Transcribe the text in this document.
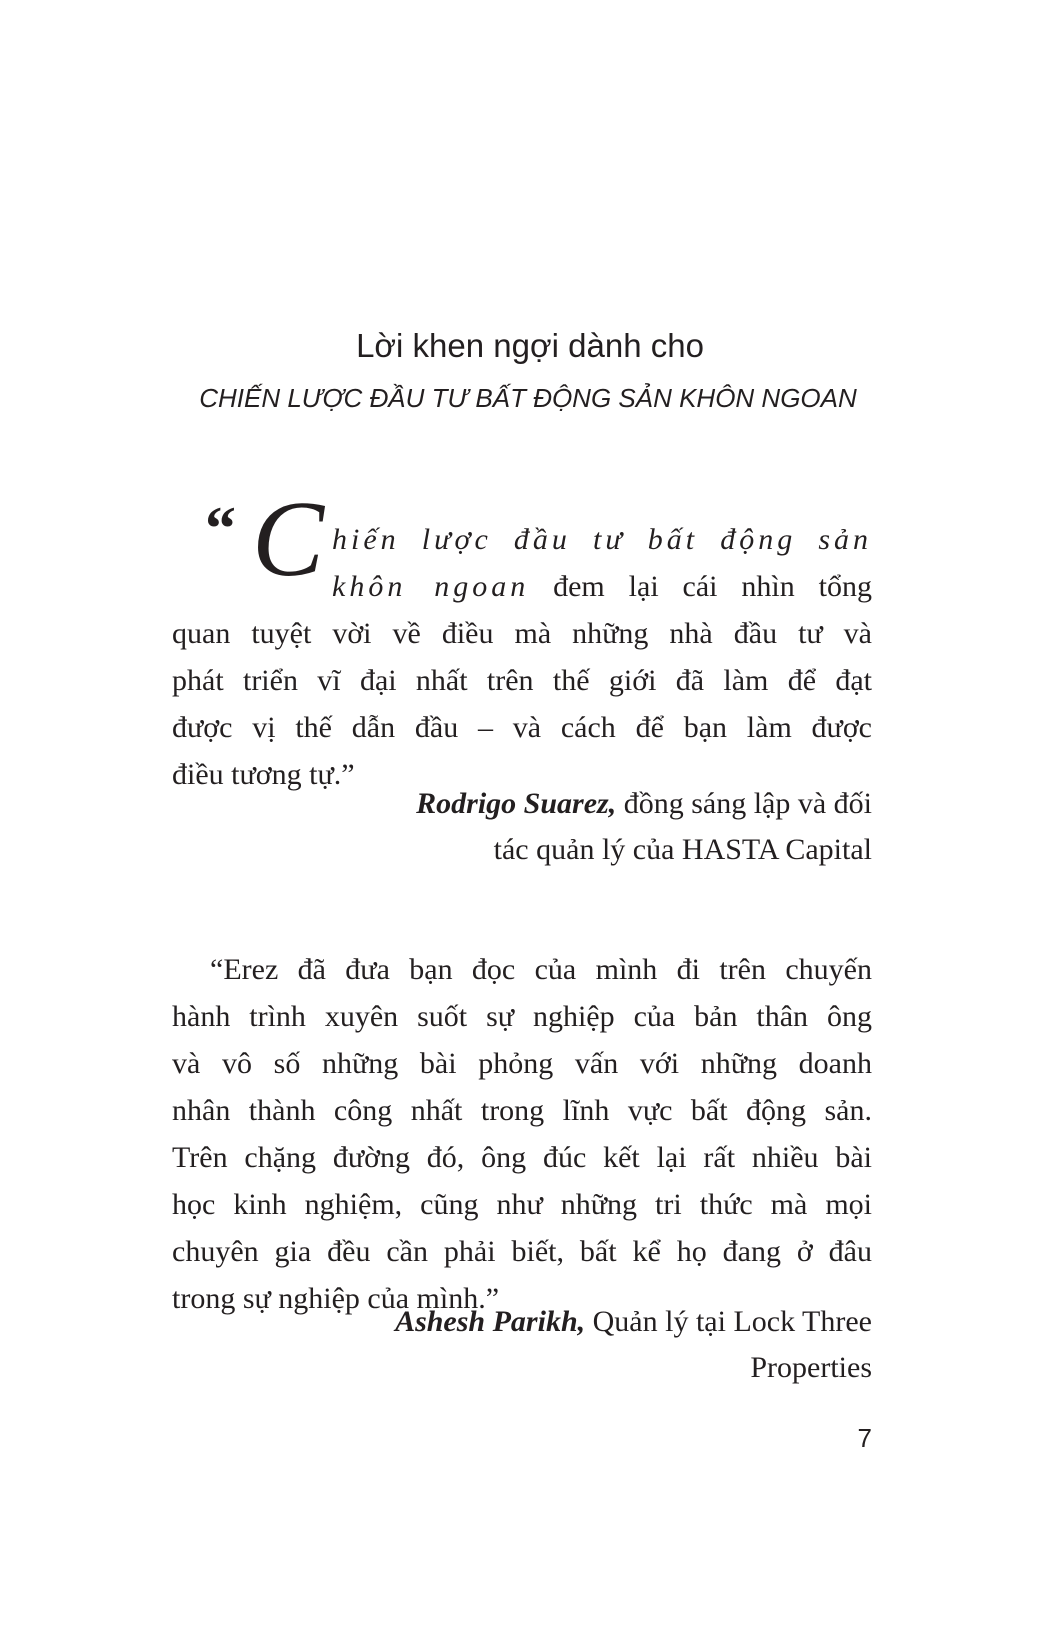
Lời khen ngợi dành cho
CHIẾN LƯỢC ĐẦU TƯ BẤT ĐỘNG SẢN KHÔN NGOAN
“ C hiến lược đầu tư bất động sản
khôn ngoan đem lại cái nhìn tổng
quan tuyệt vời về điều mà những nhà đầu tư và
phát triển vĩ đại nhất trên thế giới đã làm để đạt
được vị thế dẫn đầu – và cách để bạn làm được
điều tương tự.”
Rodrigo Suarez, đồng sáng lập và đối
tác quản lý của HASTA Capital
“Erez đã đưa bạn đọc của mình đi trên chuyến
hành trình xuyên suốt sự nghiệp của bản thân ông
và vô số những bài phỏng vấn với những doanh
nhân thành công nhất trong lĩnh vực bất động sản.
Trên chặng đường đó, ông đúc kết lại rất nhiều bài
học kinh nghiệm, cũng như những tri thức mà mọi
chuyên gia đều cần phải biết, bất kể họ đang ở đâu
trong sự nghiệp của mình.”
Ashesh Parikh, Quản lý tại Lock Three
Properties
7
